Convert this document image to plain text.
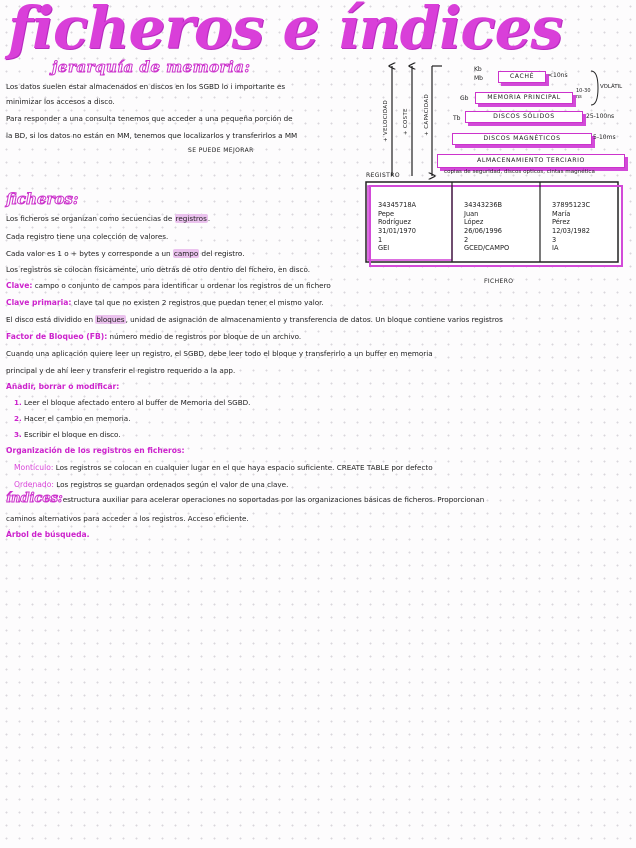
ficheros e índices
jerarquía de memoria:
Los datos suelen estar almacenados en discos en los SGBD lo i importante es
minimizar los accesos a disco.
Para responder a una consulta tenemos que acceder a una pequeña porción de
la BD, si los datos no están en MM, tenemos que localizarlos y transferirlos a MM
SE PUEDE MEJORAR
+ VELOCIDAD	+ COSTE	+ CAPACIDAD
Kb
Mb
Gb
Tb
CACHÉ
MEMORIA PRINCIPAL
DISCOS SÓLIDOS
DISCOS MAGNÉTICOS
ALMACENAMIENTO TERCIARIO
<10ns
10-30 ns
25-100ns
5-10ms
VOLÁTIL
copias de seguridad, discos opticos, cintas magnética
REGISTRO

34345718A
Pepe
Rodríguez
31/01/1970
1
GEI

34343236B
Juan
López
26/06/1996
2
GCED/CAMPO

37895123C
María
Pérez
12/03/1982
3
IA

FICHERO
ficheros:
Los ficheros se organizan como secuencias de registros.
Cada registro tiene una colección de valores.
Cada valor es 1 o + bytes y corresponde a un campo del registro.
Los registros se colocan físicamente, uno detrás de otro dentro del fichero, en disco.
Clave: campo o conjunto de campos para identificar u ordenar los registros de un fichero
Clave primaria: clave tal que no existen 2 registros que puedan tener el mismo valor.
El disco está dividido en bloques, unidad de asignación de almacenamiento y transferencia de datos. Un bloque contiene varios registros
Factor de Bloqueo (FB): número medio de registros por bloque de un archivo.
Cuando una aplicación quiere leer un registro, el SGBD, debe leer todo el bloque y transferirlo a un buffer en memoria
principal y de ahí leer y transferir el registro requerido a la app.
Añadir, borrar o modificar:
1. Leer el bloque afectado entero al buffer de Memoria del SGBD.
2. Hacer el cambio en memoria.
3. Escribir el bloque en disco.
Organización de los registros en ficheros:
Montículo: Los registros se colocan en cualquier lugar en el que haya espacio suficiente. CREATE TABLE por defecto
Ordenado: Los registros se guardan ordenados según el valor de una clave.
índices:estructura auxiliar para acelerar operaciones no soportadas por las organizaciones básicas de ficheros. Proporcionan
caminos alternativos para acceder a los registros. Acceso eficiente.
Árbol de búsqueda.
